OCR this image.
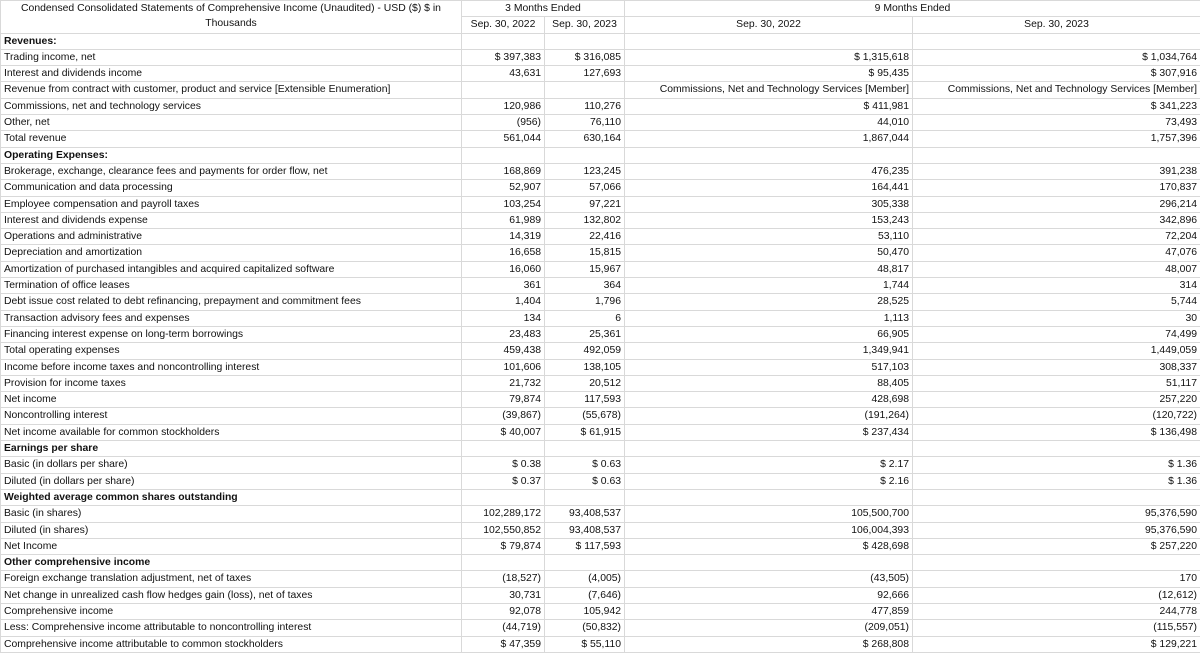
Condensed Consolidated Statements of Comprehensive Income (Unaudited) - USD ($) $ in Thousands	3 Months Ended		9 Months Ended	
	Sep. 30, 2022	Sep. 30, 2023	Sep. 30, 2022	Sep. 30, 2023
Revenues:				
Trading income, net	$ 397,383	$ 316,085	$ 1,315,618	$ 1,034,764
Interest and dividends income	43,631	127,693	$ 95,435	$ 307,916
Revenue from contract with customer, product and service [Extensible Enumeration]			Commissions, Net and Technology Services [Member]	Commissions, Net and Technology Services [Member]
Commissions, net and technology services	120,986	110,276	$ 411,981	$ 341,223
Other, net	(956)	76,110	44,010	73,493
Total revenue	561,044	630,164	1,867,044	1,757,396
Operating Expenses:				
Brokerage, exchange, clearance fees and payments for order flow, net	168,869	123,245	476,235	391,238
Communication and data processing	52,907	57,066	164,441	170,837
Employee compensation and payroll taxes	103,254	97,221	305,338	296,214
Interest and dividends expense	61,989	132,802	153,243	342,896
Operations and administrative	14,319	22,416	53,110	72,204
Depreciation and amortization	16,658	15,815	50,470	47,076
Amortization of purchased intangibles and acquired capitalized software	16,060	15,967	48,817	48,007
Termination of office leases	361	364	1,744	314
Debt issue cost related to debt refinancing, prepayment and commitment fees	1,404	1,796	28,525	5,744
Transaction advisory fees and expenses	134	6	1,113	30
Financing interest expense on long-term borrowings	23,483	25,361	66,905	74,499
Total operating expenses	459,438	492,059	1,349,941	1,449,059
Income before income taxes and noncontrolling interest	101,606	138,105	517,103	308,337
Provision for income taxes	21,732	20,512	88,405	51,117
Net income	79,874	117,593	428,698	257,220
Noncontrolling interest	(39,867)	(55,678)	(191,264)	(120,722)
Net income available for common stockholders	$ 40,007	$ 61,915	$ 237,434	$ 136,498
Earnings per share				
Basic (in dollars per share)	$ 0.38	$ 0.63	$ 2.17	$ 1.36
Diluted (in dollars per share)	$ 0.37	$ 0.63	$ 2.16	$ 1.36
Weighted average common shares outstanding				
Basic (in shares)	102,289,172	93,408,537	105,500,700	95,376,590
Diluted (in shares)	102,550,852	93,408,537	106,004,393	95,376,590
Net Income	$ 79,874	$ 117,593	$ 428,698	$ 257,220
Other comprehensive income				
Foreign exchange translation adjustment, net of taxes	(18,527)	(4,005)	(43,505)	170
Net change in unrealized cash flow hedges gain (loss), net of taxes	30,731	(7,646)	92,666	(12,612)
Comprehensive income	92,078	105,942	477,859	244,778
Less: Comprehensive income attributable to noncontrolling interest	(44,719)	(50,832)	(209,051)	(115,557)
Comprehensive income attributable to common stockholders	$ 47,359	$ 55,110	$ 268,808	$ 129,221
